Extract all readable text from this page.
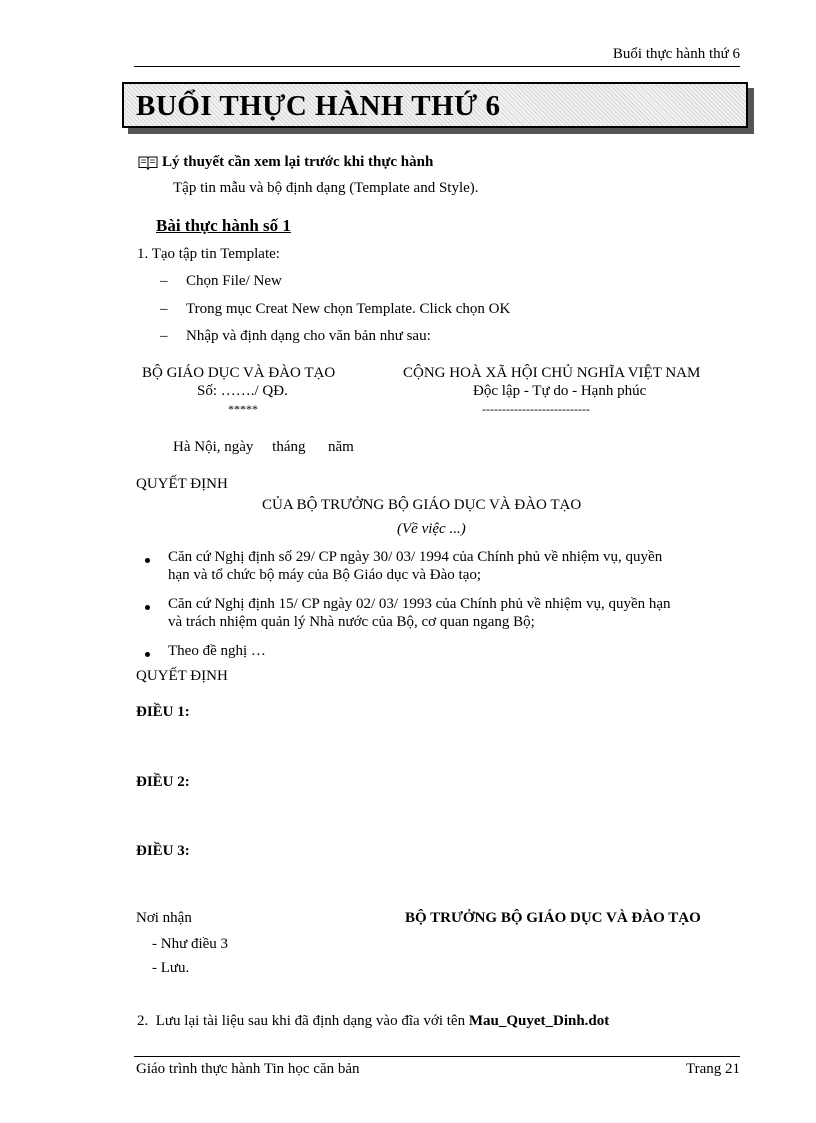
Buổi thực hành thứ 6
BUỔI THỰC HÀNH THỨ 6
Lý thuyết cần xem lại trước khi thực hành
Tập tin mẫu và bộ định dạng (Template and Style).
Bài thực hành số 1
1. Tạo tập tin Template:
– Chọn File/ New
– Trong mục Creat New chọn Template. Click chọn OK
– Nhập và định dạng cho văn bản như sau:
BỘ GIÁO DỤC VÀ ĐÀO TẠO
Số: ……./ QĐ.
*****
CỘNG HOÀ XÃ HỘI CHỦ NGHĨA VIỆT NAM
Độc lập - Tự do - Hạnh phúc
---------------------------
Hà Nội, ngày     tháng      năm
QUYẾT ĐỊNH
CỦA BỘ TRƯỞNG BỘ GIÁO DỤC VÀ ĐÀO TẠO
(Về việc ...)
Căn cứ Nghị định số 29/ CP ngày 30/ 03/ 1994 của Chính phủ về nhiệm vụ, quyền
hạn và tổ chức bộ máy của Bộ Giáo dục và Đào tạo;
Căn cứ Nghị định 15/ CP ngày 02/ 03/ 1993 của Chính phủ về nhiệm vụ, quyền hạn
và trách nhiệm quản lý Nhà nước của Bộ, cơ quan ngang Bộ;
Theo đề nghị …
QUYẾT ĐỊNH
ĐIỀU 1:
ĐIỀU 2:
ĐIỀU 3:
Nơi nhận
- Như điều 3
- Lưu.
BỘ TRƯỞNG BỘ GIÁO DỤC VÀ ĐÀO TẠO
2.  Lưu lại tài liệu sau khi đã định dạng vào đĩa với tên Mau_Quyet_Dinh.dot
Giáo trình thực hành Tin học căn bản	Trang 21
